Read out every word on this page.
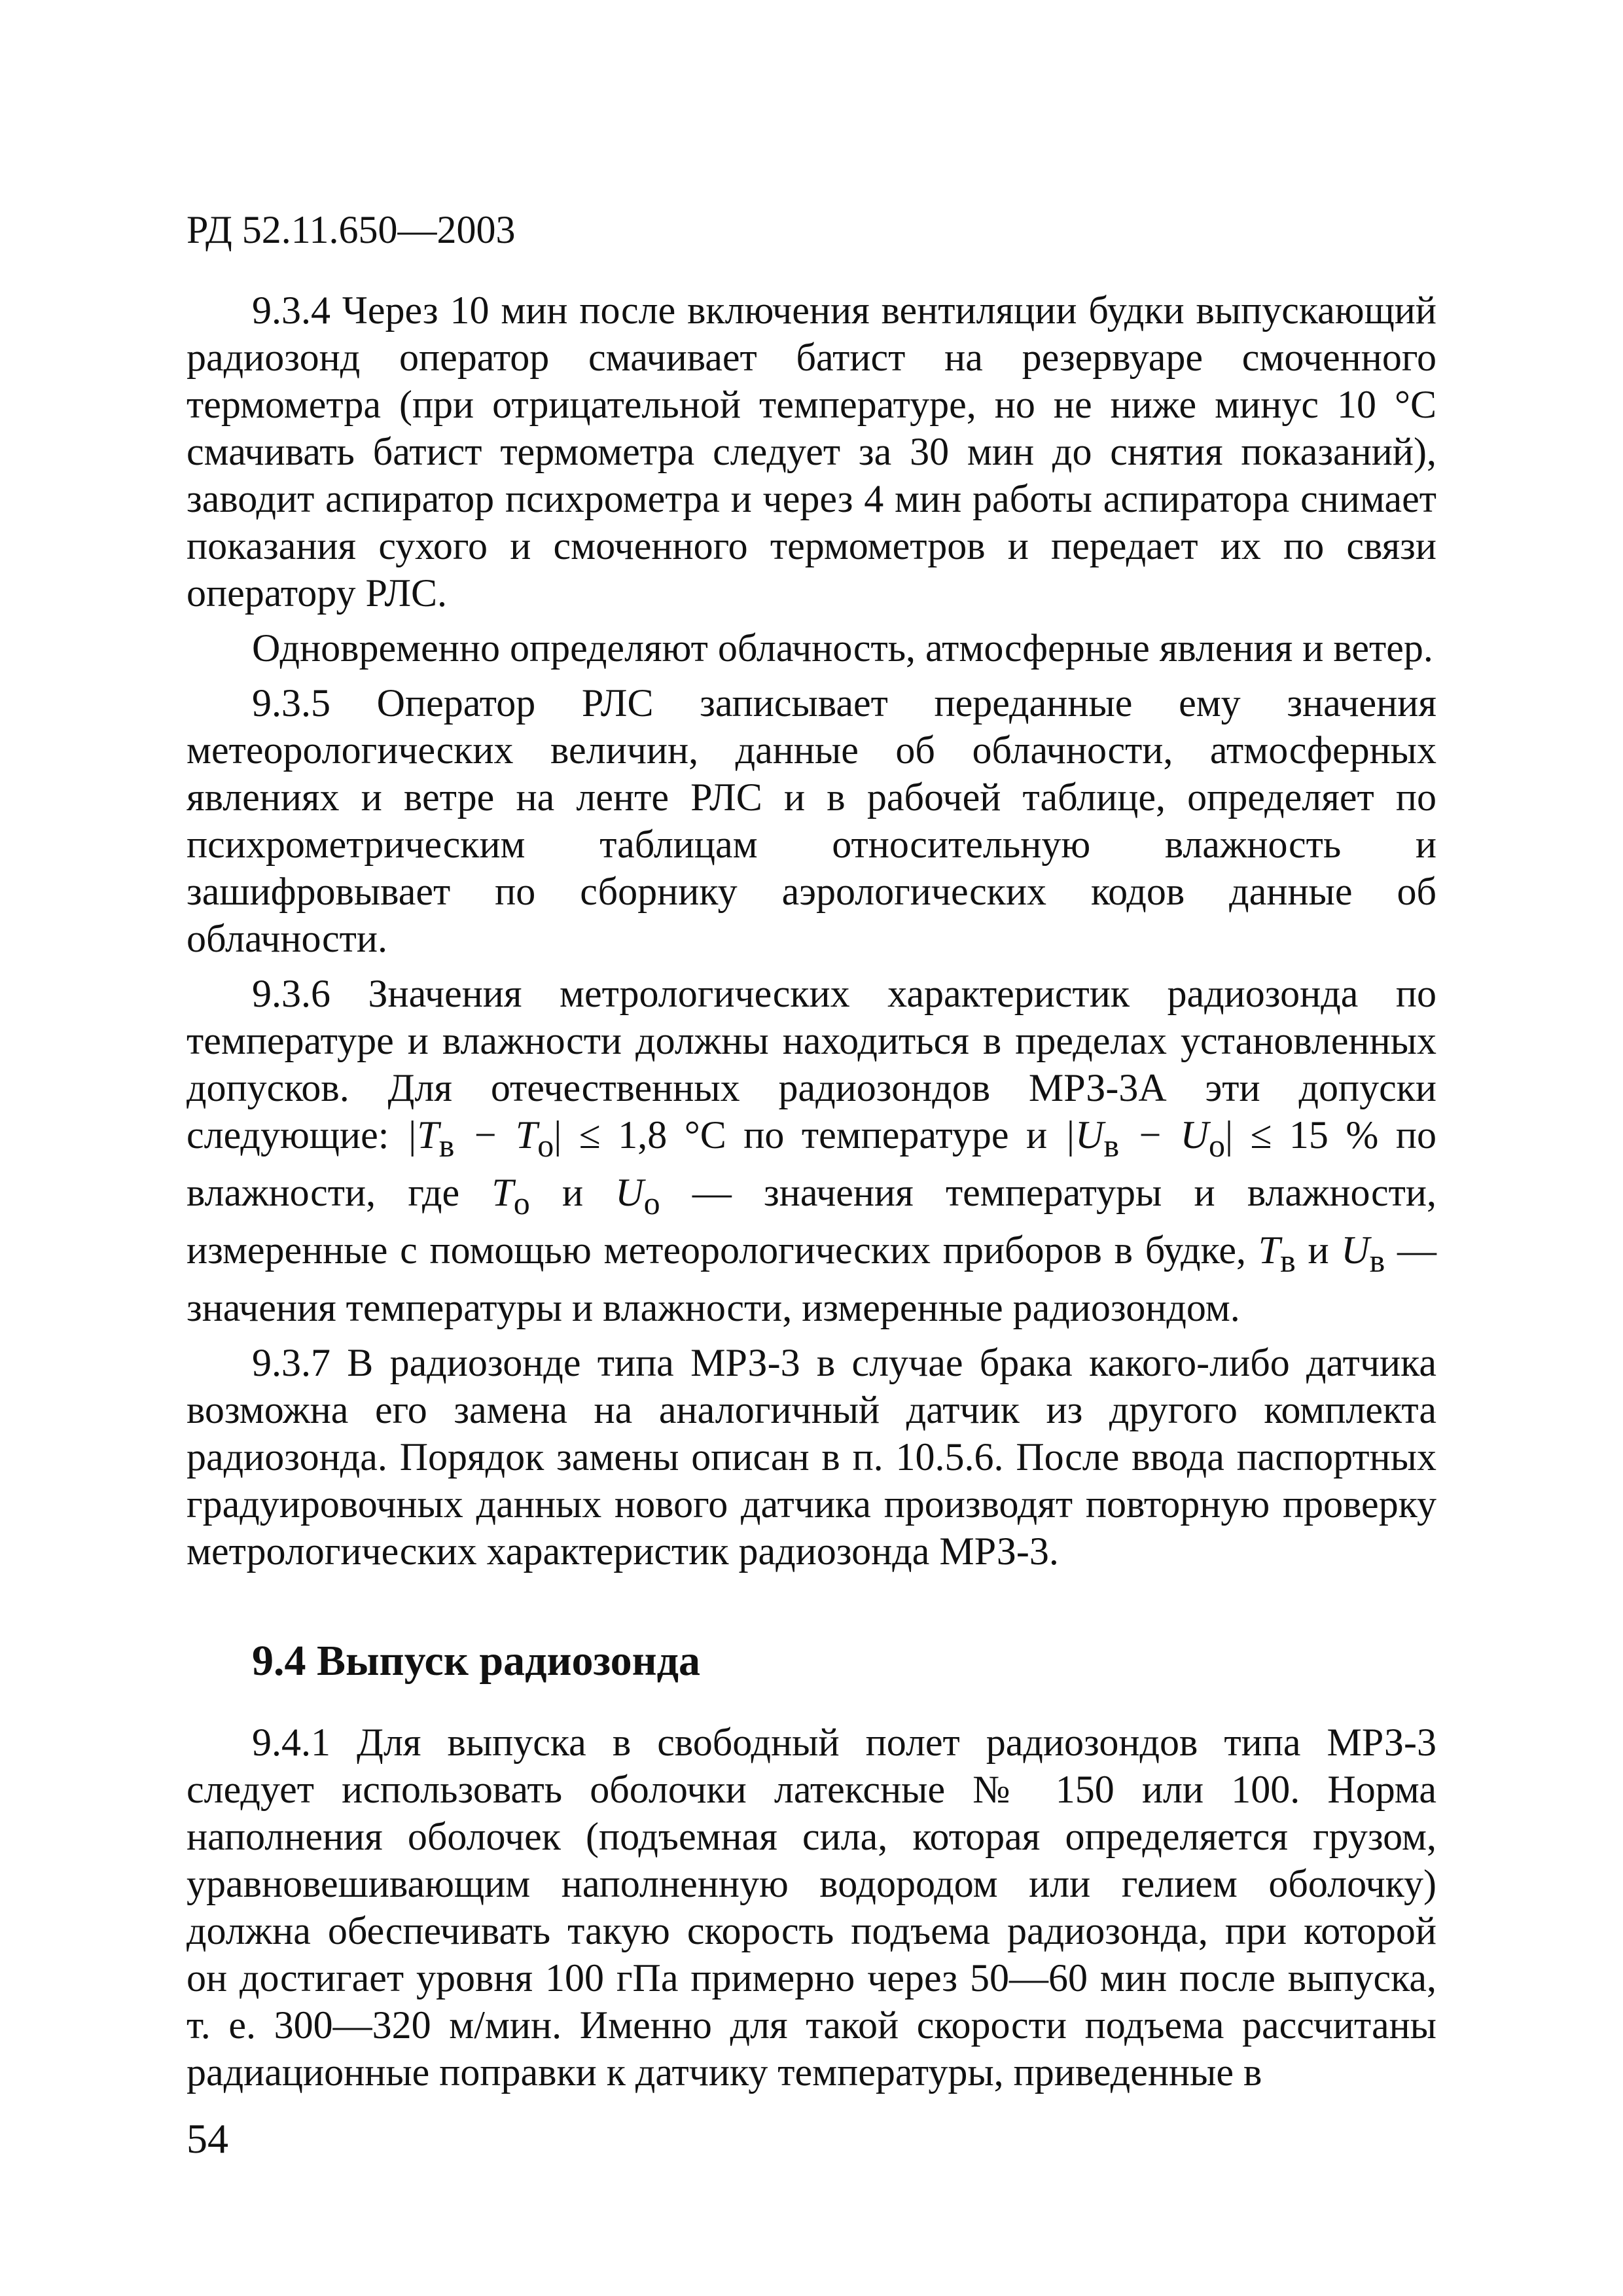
РД 52.11.650—2003

9.3.4 Через 10 мин после включения вентиляции будки выпускающий радиозонд оператор смачивает батист на резервуаре смоченного термометра (при отрицательной температуре, но не ниже минус 10 °C смачивать батист термометра следует за 30 мин до снятия показаний), заводит аспиратор психрометра и через 4 мин работы аспиратора снимает показания сухого и смоченного термометров и передает их по связи оператору РЛС.

Одновременно определяют облачность, атмосферные явления и ветер.

9.3.5 Оператор РЛС записывает переданные ему значения метеорологических величин, данные об облачности, атмосферных явлениях и ветре на ленте РЛС и в рабочей таблице, определяет по психрометрическим таблицам относительную влажность и зашифровывает по сборнику аэрологических кодов данные об облачности.

9.3.6 Значения метрологических характеристик радиозонда по температуре и влажности должны находиться в пределах установленных допусков. Для отечественных радиозондов МРЗ-3А эти допуски следующие: $|T_в - T_о| \le 1,8$ °C по температуре и $|U_в - U_о| \le 15$ % по влажности, где $T_о$ и $U_о$ — значения температуры и влажности, измеренные с помощью метеорологических приборов в будке, $T_в$ и $U_в$ — значения температуры и влажности, измеренные радиозондом.

9.3.7 В радиозонде типа МРЗ-3 в случае брака какого-либо датчика возможна его замена на аналогичный датчик из другого комплекта радиозонда. Порядок замены описан в п. 10.5.6. После ввода паспортных градуировочных данных нового датчика производят повторную проверку метрологических характеристик радиозонда МРЗ-3.

9.4 Выпуск радиозонда

9.4.1 Для выпуска в свободный полет радиозондов типа МРЗ-3 следует использовать оболочки латексные № 150 или 100. Норма наполнения оболочек (подъемная сила, которая определяется грузом, уравновешивающим наполненную водородом или гелием оболочку) должна обеспечивать такую скорость подъема радиозонда, при которой он достигает уровня 100 гПа примерно через 50—60 мин после выпуска, т. е. 300—320 м/мин. Именно для такой скорости подъема рассчитаны радиационные поправки к датчику температуры, приведенные в

54
